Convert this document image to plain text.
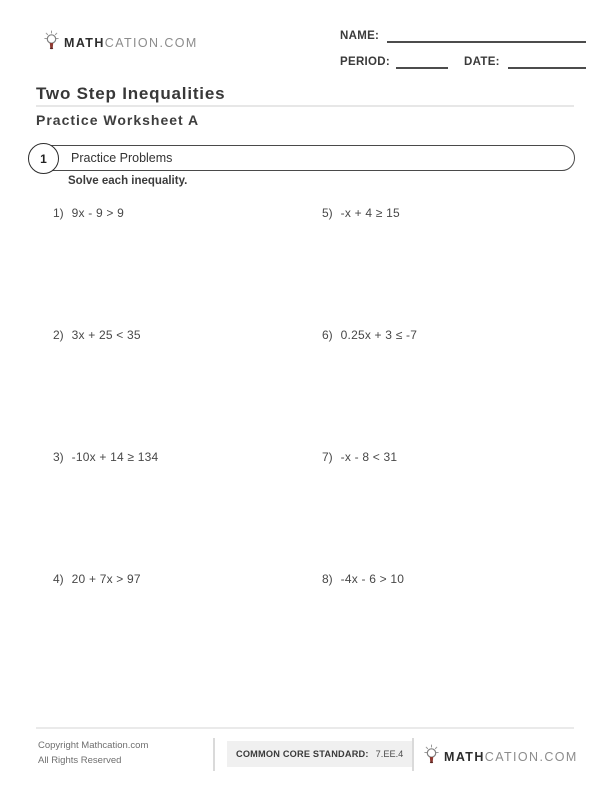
MATHCATION.COM	NAME:
PERIOD:	DATE:
Two Step Inequalities
Practice Worksheet A
1	Practice Problems
Solve each inequality.
1) 9x - 9 > 9
2) 3x + 25 < 35
3) -10x + 14 ≥ 134
4) 20 + 7x > 97
5) -x + 4 ≥ 15
6) 0.25x + 3 ≤ -7
7) -x - 8 < 31
8) -4x - 6 > 10
Copyright Mathcation.com
All Rights Reserved
COMMON CORE STANDARD: 7.EE.4	MATHCATION.COM
